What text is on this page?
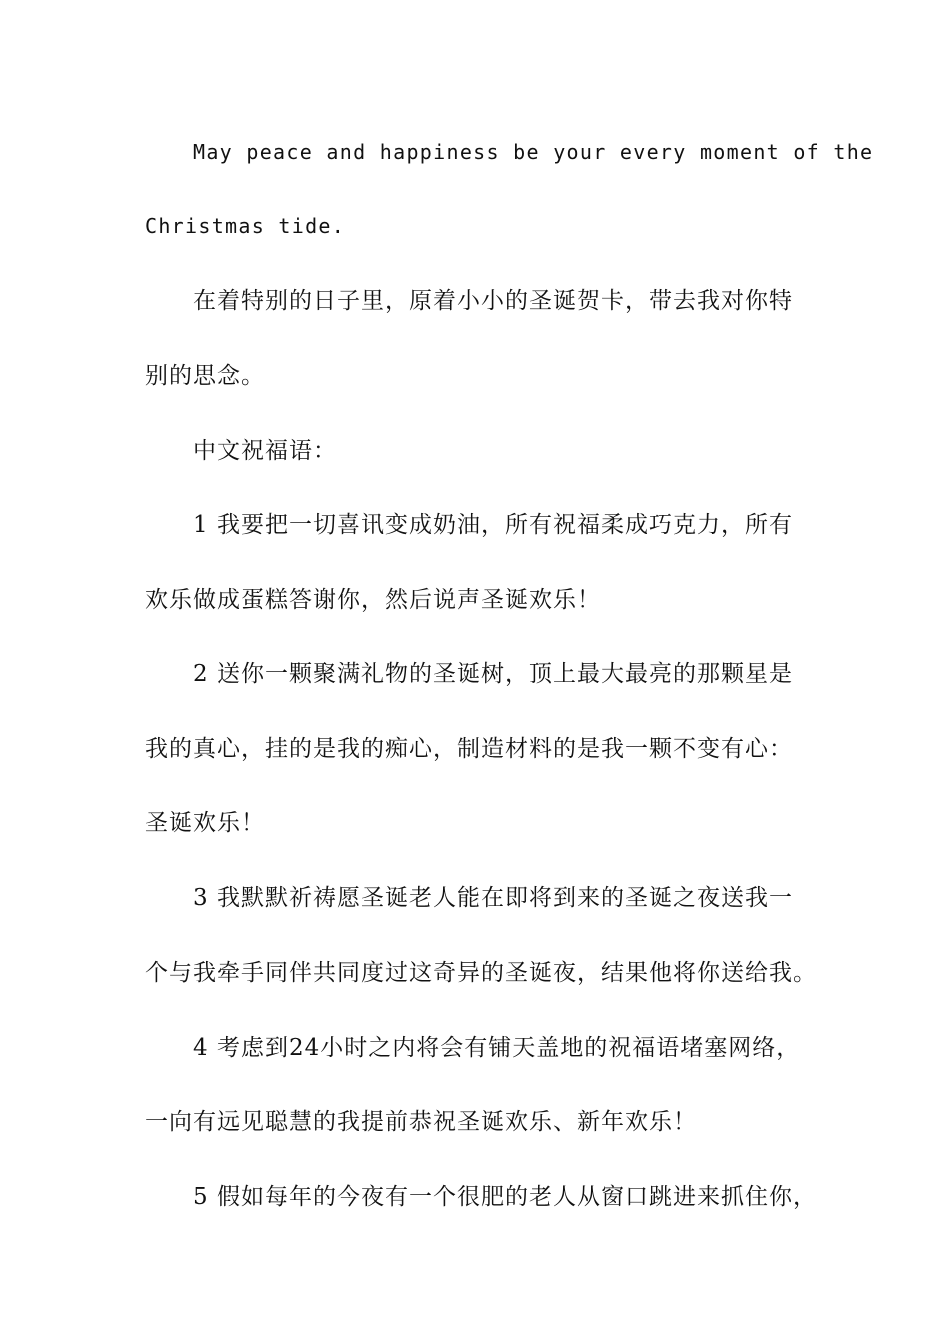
May peace and happiness be your every moment of the
Christmas tide.
在着特别的日子里，原着小小的圣诞贺卡，带去我对你特
别的思念。
中文祝福语：
1 我要把一切喜讯变成奶油，所有祝福柔成巧克力，所有
欢乐做成蛋糕答谢你，然后说声圣诞欢乐！
2 送你一颗聚满礼物的圣诞树，顶上最大最亮的那颗星是
我的真心，挂的是我的痴心，制造材料的是我一颗不变有心：
圣诞欢乐！
3 我默默祈祷愿圣诞老人能在即将到来的圣诞之夜送我一
个与我牵手同伴共同度过这奇异的圣诞夜，结果他将你送给我。
4 考虑到24小时之内将会有铺天盖地的祝福语堵塞网络，
一向有远见聪慧的我提前恭祝圣诞欢乐、新年欢乐！
5 假如每年的今夜有一个很肥的老人从窗口跳进来抓住你，
